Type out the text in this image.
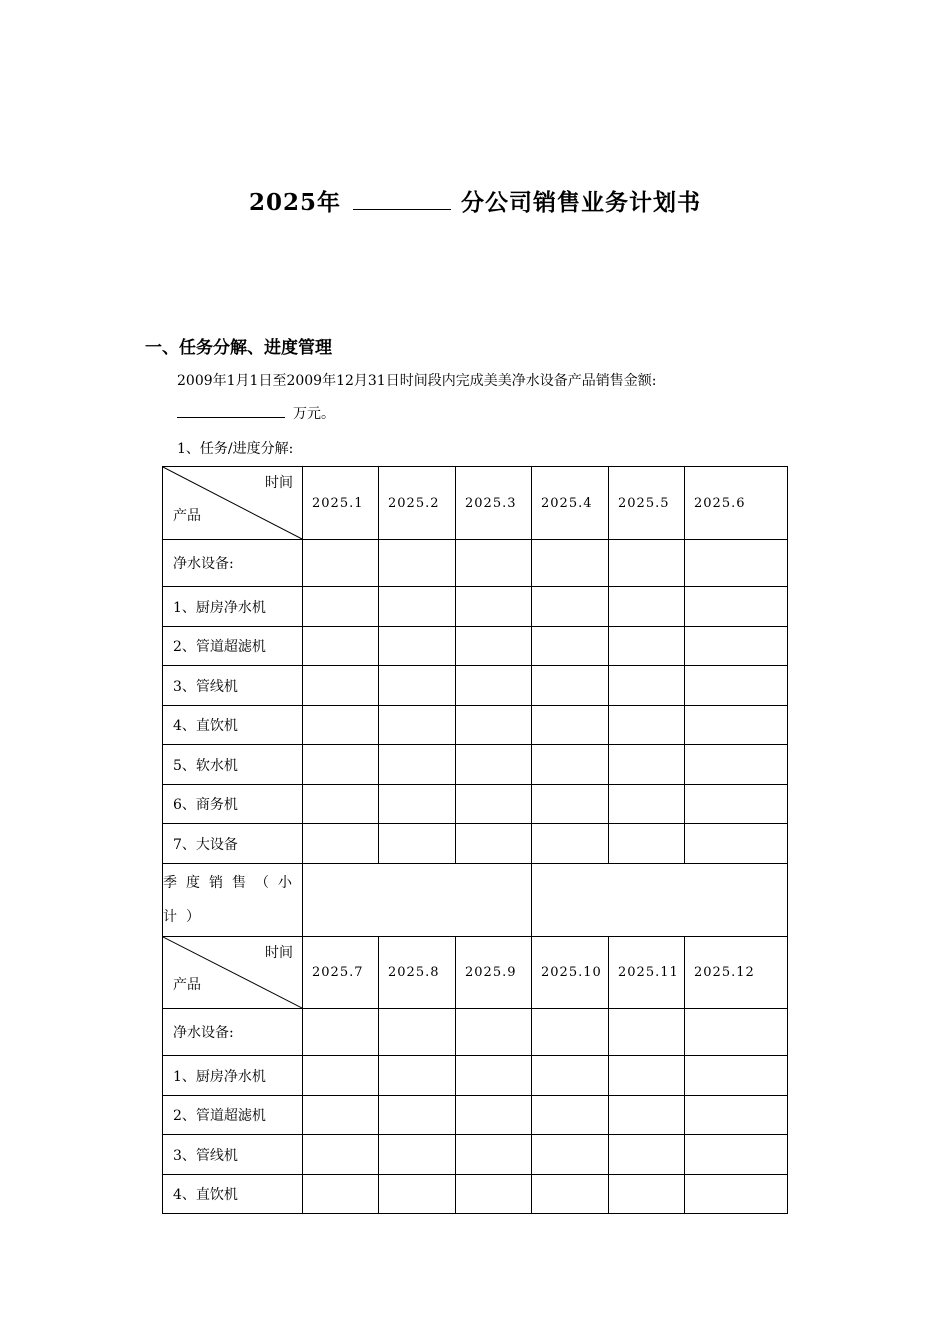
2025年	分公司销售业务计划书
一、任务分解、进度管理
2009年1月1日至2009年12月31日时间段内完成美美净水设备产品销售金额:
万元。
1、任务/进度分解:
时间
产品	2025.1	2025.2	2025.3	2025.4	2025.5	2025.6
净水设备:						
1、厨房净水机						
2、管道超滤机						
3、管线机						
4、直饮机						
5、软水机						
6、商务机						
7、大设备						
季度销售（小计）						

时间
产品	2025.7	2025.8	2025.9	2025.10	2025.11	2025.12
净水设备:						
1、厨房净水机						
2、管道超滤机						
3、管线机						
4、直饮机						
